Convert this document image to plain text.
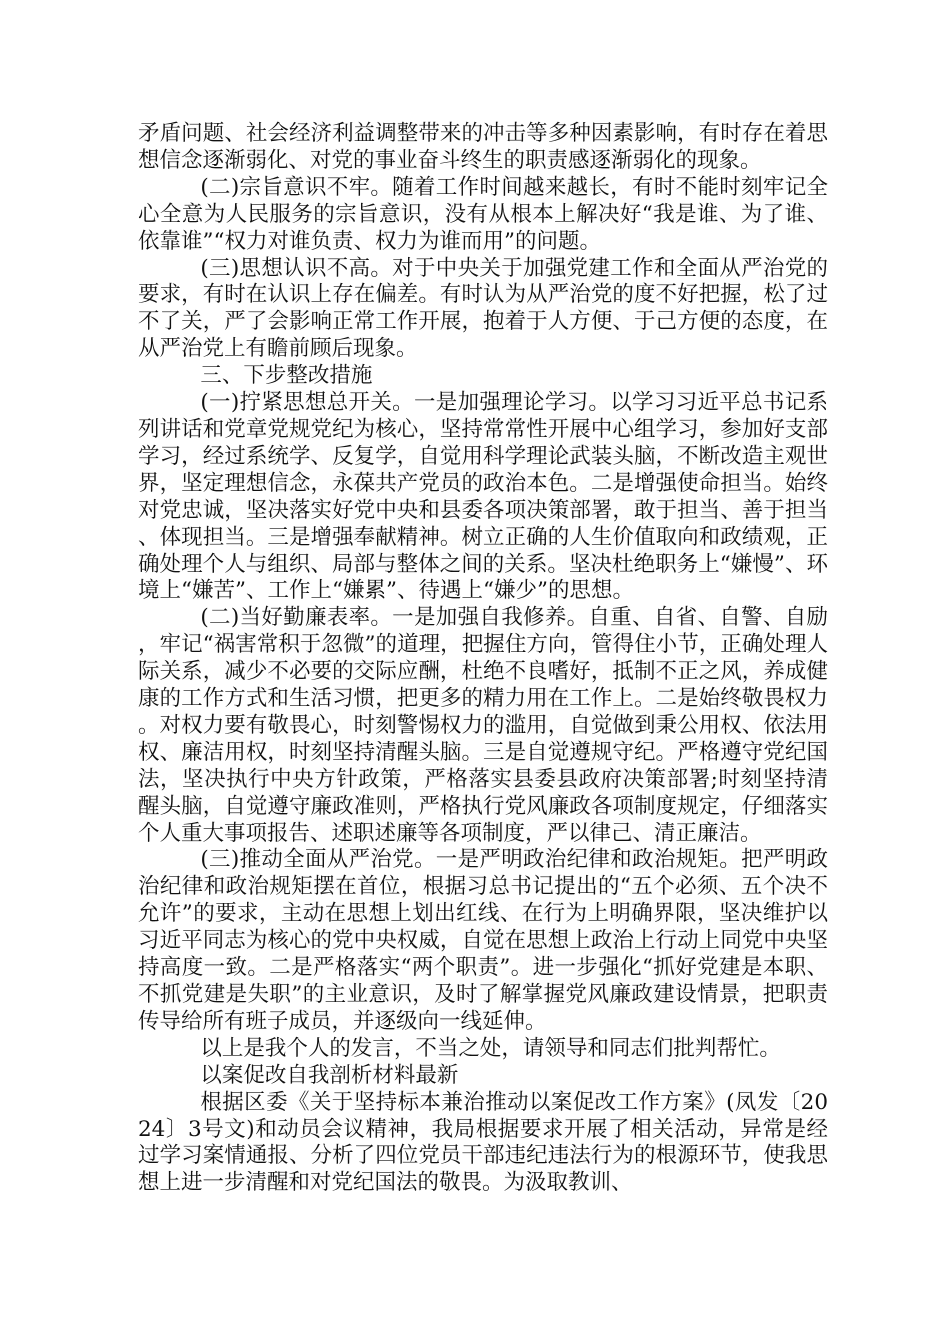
矛盾问题、社会经济利益调整带来的冲击等多种因素影响，有时存在着思想信念逐渐弱化、对党的事业奋斗终生的职责感逐渐弱化的现象。

(二)宗旨意识不牢。随着工作时间越来越长，有时不能时刻牢记全心全意为人民服务的宗旨意识，没有从根本上解决好“我是谁、为了谁、依靠谁”“权力对谁负责、权力为谁而用”的问题。

(三)思想认识不高。对于中央关于加强党建工作和全面从严治党的要求，有时在认识上存在偏差。有时认为从严治党的度不好把握，松了过不了关，严了会影响正常工作开展，抱着于人方便、于己方便的态度，在从严治党上有瞻前顾后现象。

三、下步整改措施

(一)拧紧思想总开关。一是加强理论学习。以学习习近平总书记系列讲话和党章党规党纪为核心，坚持常常性开展中心组学习，参加好支部学习，经过系统学、反复学，自觉用科学理论武装头脑，不断改造主观世界，坚定理想信念，永葆共产党员的政治本色。二是增强使命担当。始终对党忠诚，坚决落实好党中央和县委各项决策部署，敢于担当、善于担当、体现担当。三是增强奉献精神。树立正确的人生价值取向和政绩观，正确处理个人与组织、局部与整体之间的关系。坚决杜绝职务上“嫌慢”、环境上“嫌苦”、工作上“嫌累”、待遇上“嫌少”的思想。

(二)当好勤廉表率。一是加强自我修养。自重、自省、自警、自励，牢记“祸害常积于忽微”的道理，把握住方向，管得住小节，正确处理人际关系，减少不必要的交际应酬，杜绝不良嗜好，抵制不正之风，养成健康的工作方式和生活习惯，把更多的精力用在工作上。二是始终敬畏权力。对权力要有敬畏心，时刻警惕权力的滥用，自觉做到秉公用权、依法用权、廉洁用权，时刻坚持清醒头脑。三是自觉遵规守纪。严格遵守党纪国法，坚决执行中央方针政策，严格落实县委县政府决策部署;时刻坚持清醒头脑，自觉遵守廉政准则，严格执行党风廉政各项制度规定，仔细落实个人重大事项报告、述职述廉等各项制度，严以律己、清正廉洁。

(三)推动全面从严治党。一是严明政治纪律和政治规矩。把严明政治纪律和政治规矩摆在首位，根据习总书记提出的“五个必须、五个决不允许”的要求，主动在思想上划出红线、在行为上明确界限，坚决维护以习近平同志为核心的党中央权威，自觉在思想上政治上行动上同党中央坚持高度一致。二是严格落实“两个职责”。进一步强化“抓好党建是本职、不抓党建是失职”的主业意识，及时了解掌握党风廉政建设情景，把职责传导给所有班子成员，并逐级向一线延伸。

以上是我个人的发言，不当之处，请领导和同志们批判帮忙。

以案促改自我剖析材料最新

根据区委《关于坚持标本兼治推动以案促改工作方案》(凤发〔2024〕3号文)和动员会议精神，我局根据要求开展了相关活动，异常是经过学习案情通报、分析了四位党员干部违纪违法行为的根源环节，使我思想上进一步清醒和对党纪国法的敬畏。为汲取教训、
